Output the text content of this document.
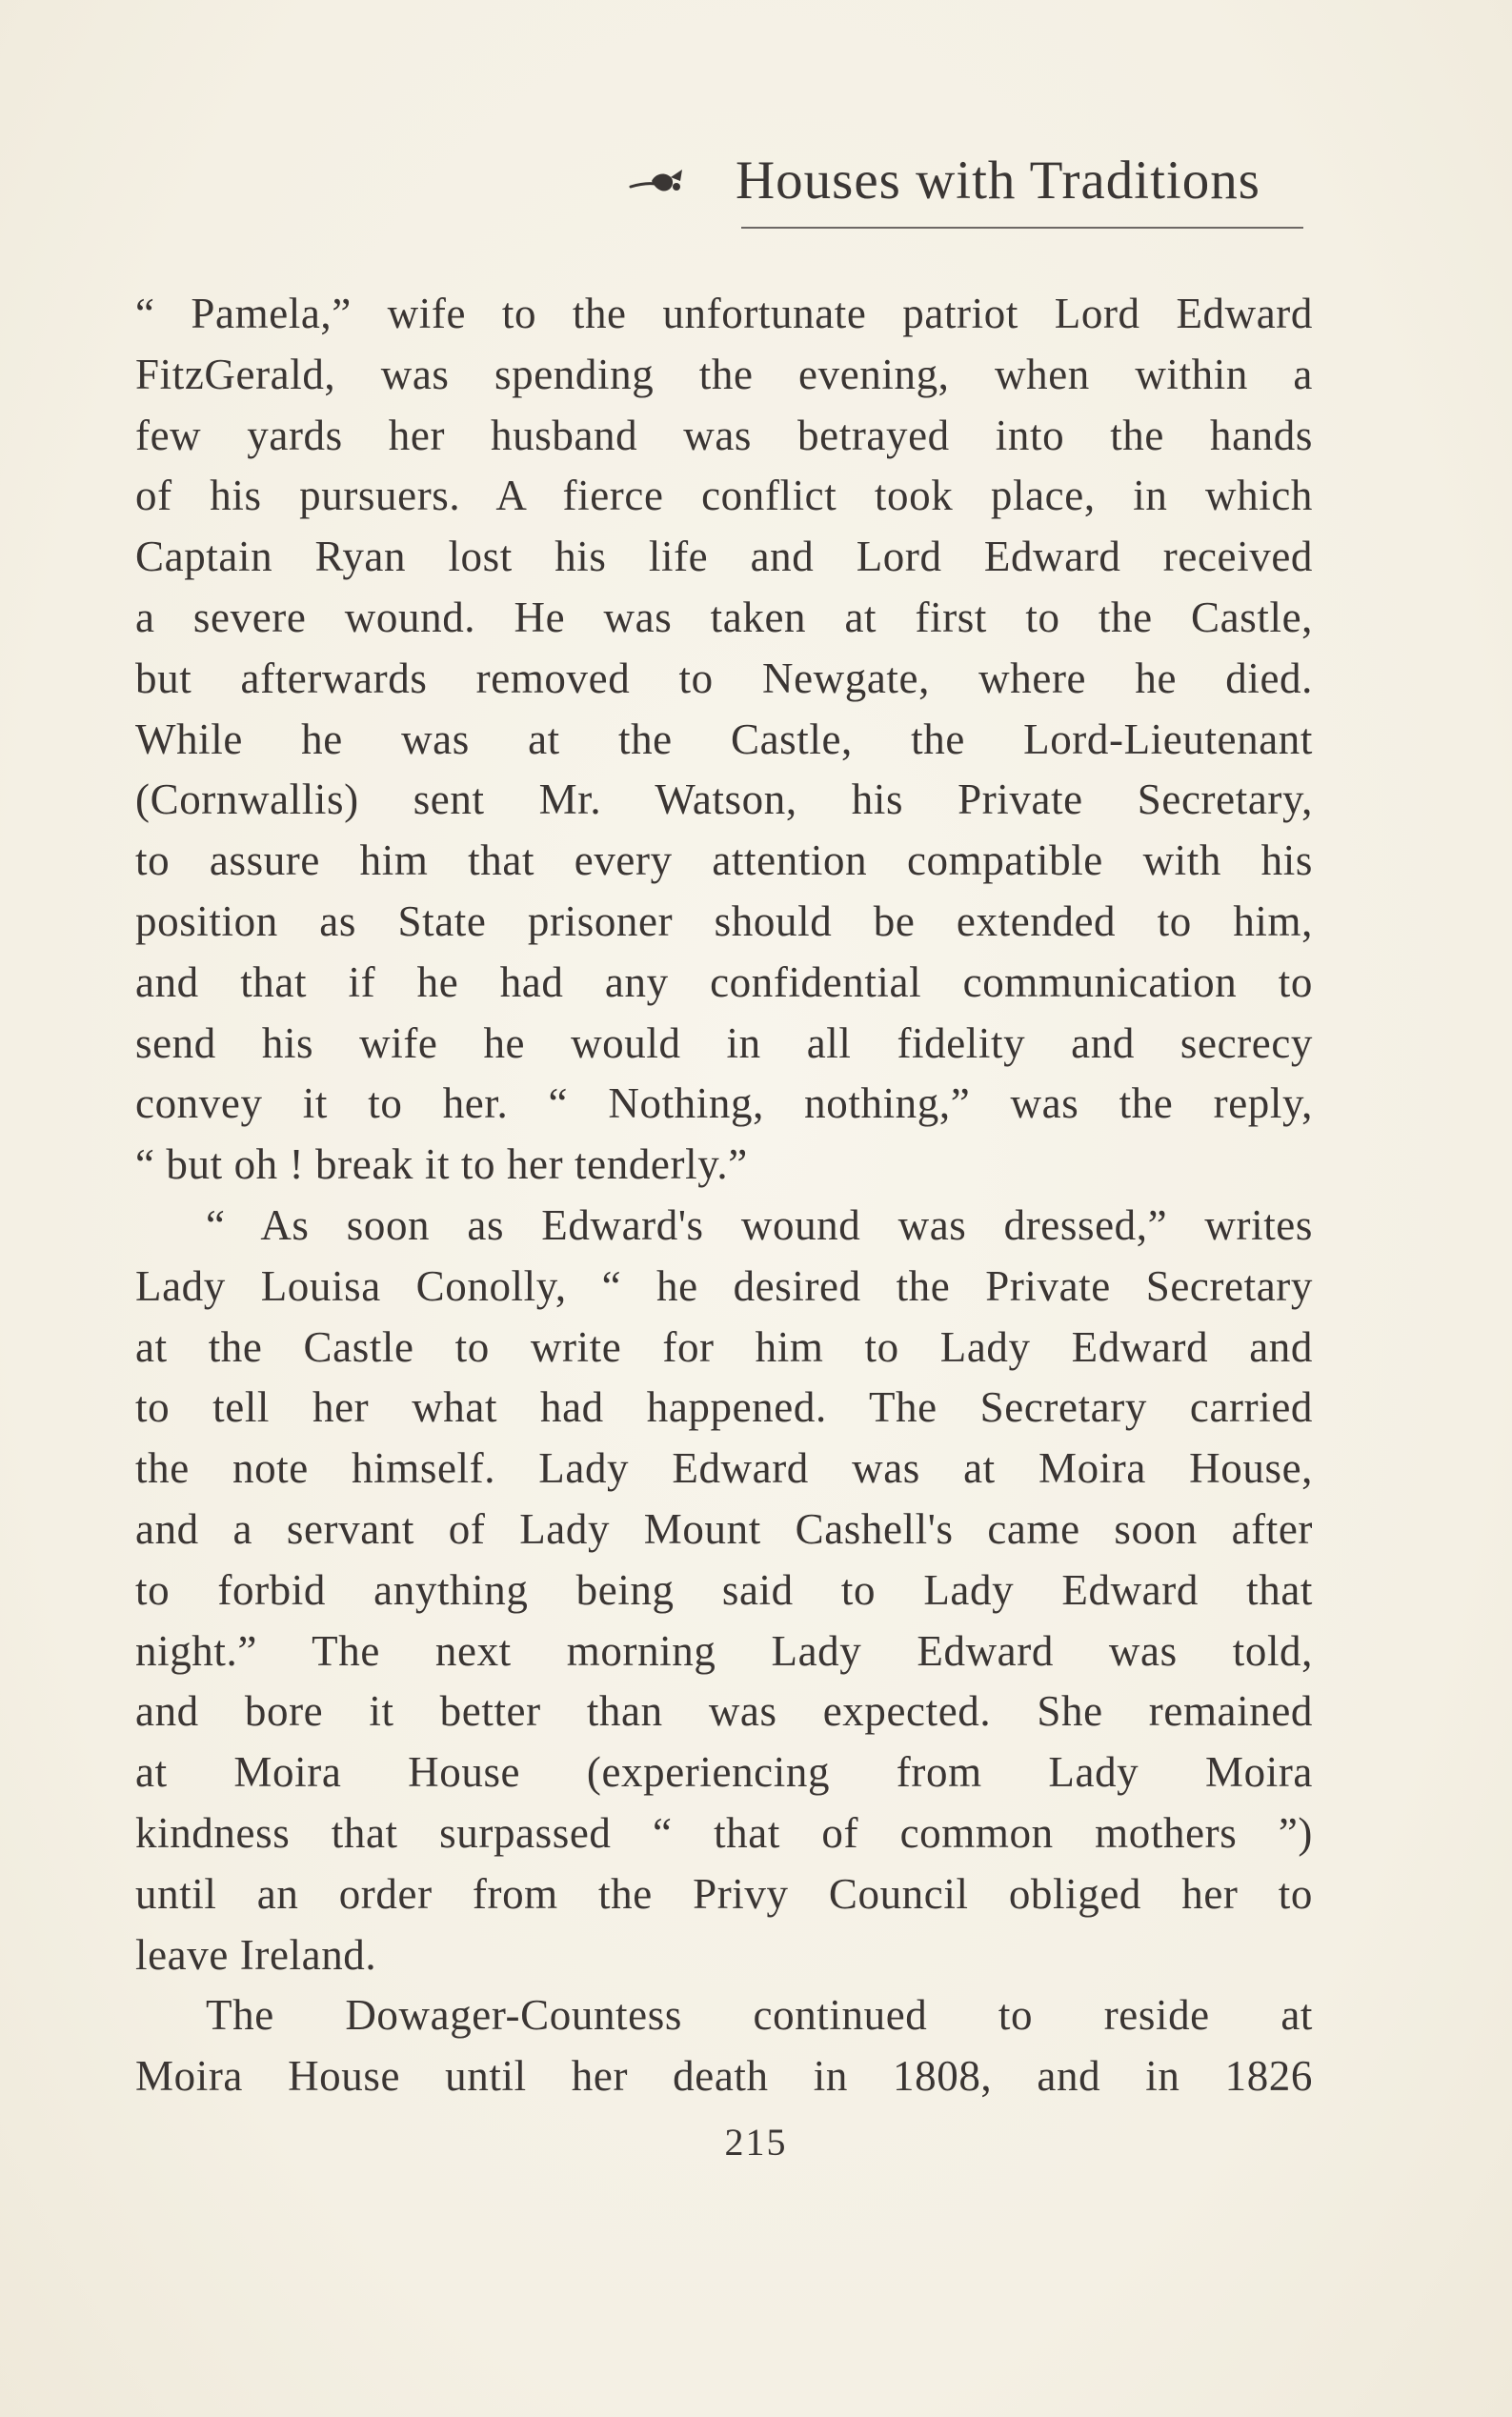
Houses with Traditions
“ Pamela,” wife to the unfortunate patriot Lord Edward
FitzGerald, was spending the evening, when within a
few yards her husband was betrayed into the hands
of his pursuers. A fierce conflict took place, in which
Captain Ryan lost his life and Lord Edward received
a severe wound. He was taken at first to the Castle,
but afterwards removed to Newgate, where he died.
While he was at the Castle, the Lord-Lieutenant
(Cornwallis) sent Mr. Watson, his Private Secretary,
to assure him that every attention compatible with his
position as State prisoner should be extended to him,
and that if he had any confidential communication to
send his wife he would in all fidelity and secrecy
convey it to her. “ Nothing, nothing,” was the reply,
“ but oh ! break it to her tenderly.”
“ As soon as Edward's wound was dressed,” writes
Lady Louisa Conolly, “ he desired the Private Secretary
at the Castle to write for him to Lady Edward and
to tell her what had happened. The Secretary carried
the note himself. Lady Edward was at Moira House,
and a servant of Lady Mount Cashell's came soon after
to forbid anything being said to Lady Edward that
night.” The next morning Lady Edward was told,
and bore it better than was expected. She remained
at Moira House (experiencing from Lady Moira
kindness that surpassed “ that of common mothers ”)
until an order from the Privy Council obliged her to
leave Ireland.
The Dowager-Countess continued to reside at
Moira House until her death in 1808, and in 1826
215
